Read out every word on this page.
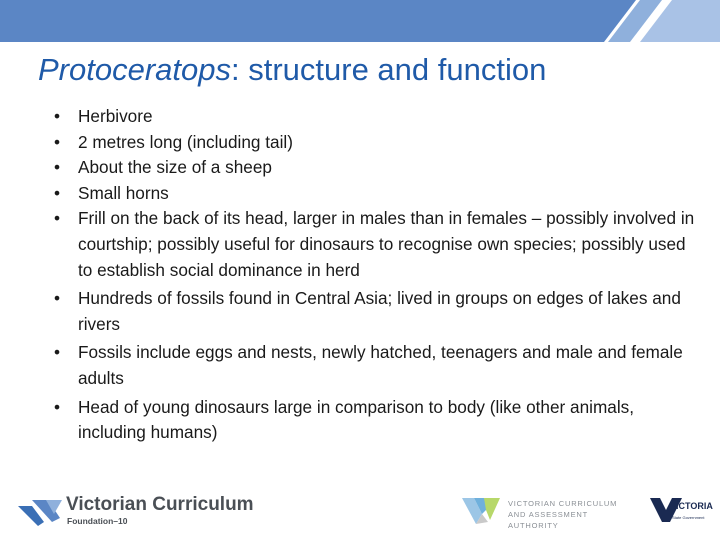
Protoceratops: structure and function
• Herbivore
• 2 metres long (including tail)
• About the size of a sheep
• Small horns
• Frill on the back of its head, larger in males than in females – possibly involved in courtship; possibly useful for dinosaurs to recognise own species; possibly used to establish social dominance in herd
• Hundreds of fossils found in Central Asia; lived in groups on edges of lakes and rivers
• Fossils include eggs and nests, newly hatched, teenagers and male and female adults
• Head of young dinosaurs large in comparison to body (like other animals, including humans)
Victorian Curriculum
Foundation–10
VICTORIAN CURRICULUM
AND ASSESSMENT AUTHORITY
VICTORIA
State Government
